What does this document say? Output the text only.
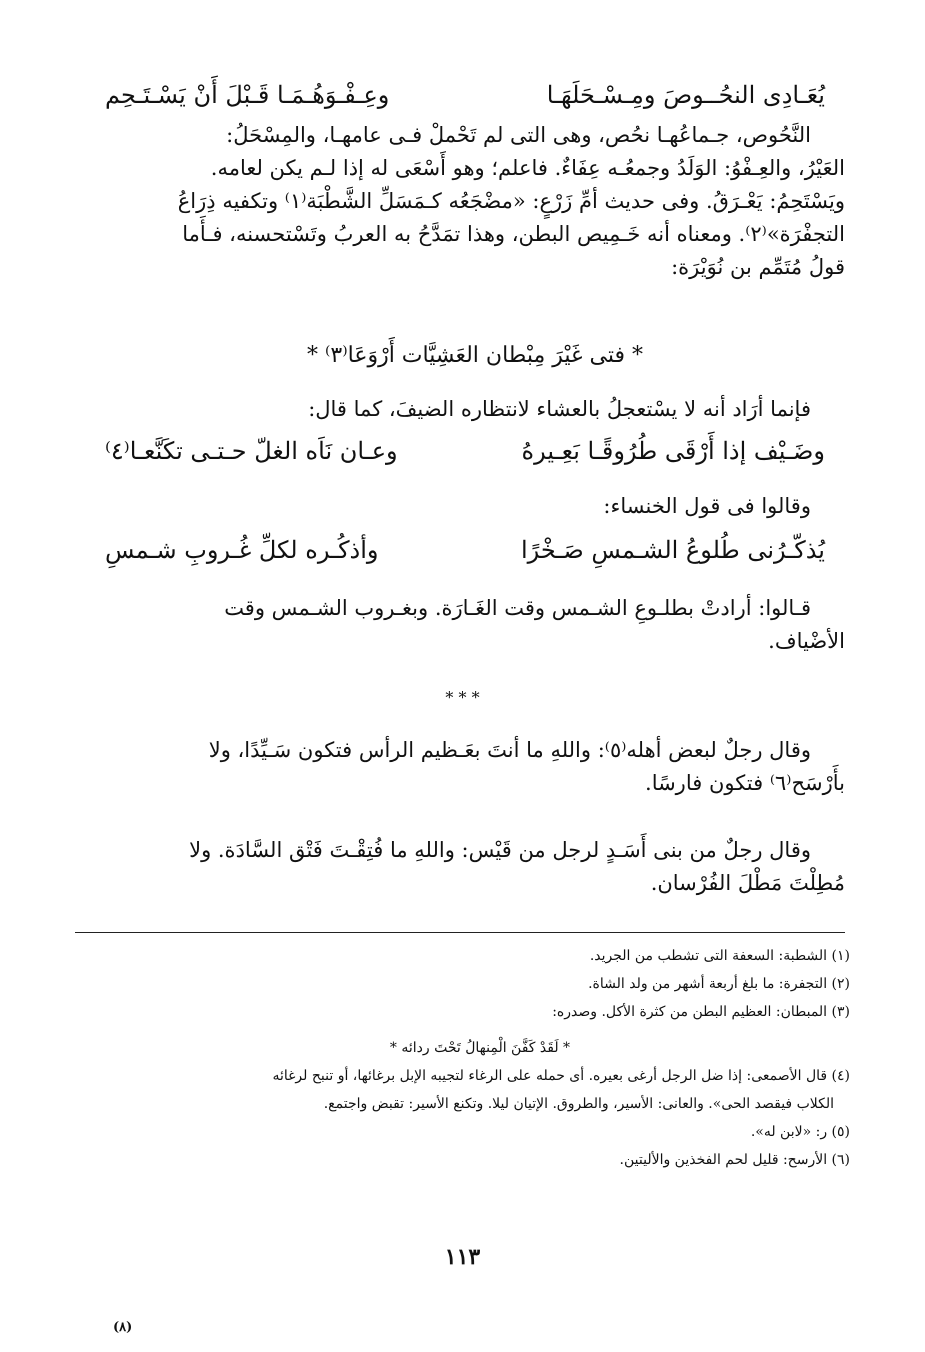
يُعَـادِى النحُــوصَ ومِـسْـحَلَهَـا
وعِـفْـوَهُـمَـا قَـبْلَ أَنْ يَسْـتَـحِم

النَّحُوص، جـماعُهـا نحُص، وهى التى لم تَحْملْ فـى عامهـا، والمِسْحَلُ:

العَيْرُ، والعِـفْوُ: الوَلَدُ وجمعُـه عِفَاءٌ. فاعلم؛ وهو أَسْعَى له إذا لـم يكن لعامه.

ويَسْتَحِمُ: يَعْـرَقُ. وفى حديث أمِّ زَرْعٍ: «مضْجَعُه كـمَسَلِّ الشَّطْبَة⁽١⁾ وتكفيه ذِرَاعُ

التجفْرَة»⁽٢⁾. ومعناه أنه خَـمِيص البطن، وهذا تمَدَّحُ به العربُ وتَسْتحسنه، فـأَما

قولُ مُتَمِّم بن نُوَيْرَة:

* فتى غَيْرَ مِبْطان العَشِيَّات أَرْوَعَا⁽٣⁾ *

فإنما أرَاد أنه لا يسْتعجلُ بالعشاء لانتظاره الضيفَ، كما قال:

وضَـيْف إذا أَرْقَى طُرُوقًـا بَعِـيرهُ
وعـان نَاَه الغلّ حـتـى تكَنَّعـا⁽٤⁾

وقالوا فى قول الخنساء:

يُذكّـرُنى طُلوعُ الشـمسِ صَـخْرًا
وأذكُـره لكلِّ غُـروبِ شـمسِ

قـالوا: أرادتْ بطلـوعِ الشـمس وقت الغَـارَة. وبغـروب الشـمس وقت

الأضْياف.

* * *

وقال رجلٌ لبعض أهله⁽٥⁾: واللهِ ما أنتَ بعَـظيم الرأس فتكون سَـيِّدًا، ولا

بأَرْسَح⁽٦⁾ فتكون فارسًا.

وقال رجلٌ من بنى أَسَـدٍ لرجل من قَيْس: واللهِ ما فُتِقْـتَ فَتْق السَّادَة. ولا

مُطِلْتَ مَطْلَ الفُرْسان.

(١) الشطبة: السعفة التى تشطب من الجريد.

(٢) التجفرة: ما بلغ أربعة أشهر من ولد الشاة.

(٣) المبطان: العظيم البطن من كثرة الأكل. وصدره:

* لَقَدْ كَفَّنَ الْمِنهالُ تَحْتَ ردائه *

(٤) قال الأصمعى: إذا ضل الرجل أرغى بعيره. أى حمله على الرغاء لتجيبه الإبل برغائها، أو تنبح لرغائه

الكلاب فيقصد الحى». والعانى: الأسير، والطروق. الإتيان ليلا. وتكنع الأسير: تقبض واجتمع.

(٥) ر: «لابن له».

(٦) الأرسح: قليل لحم الفخذين والأليتين.

١١٣
(٨)
